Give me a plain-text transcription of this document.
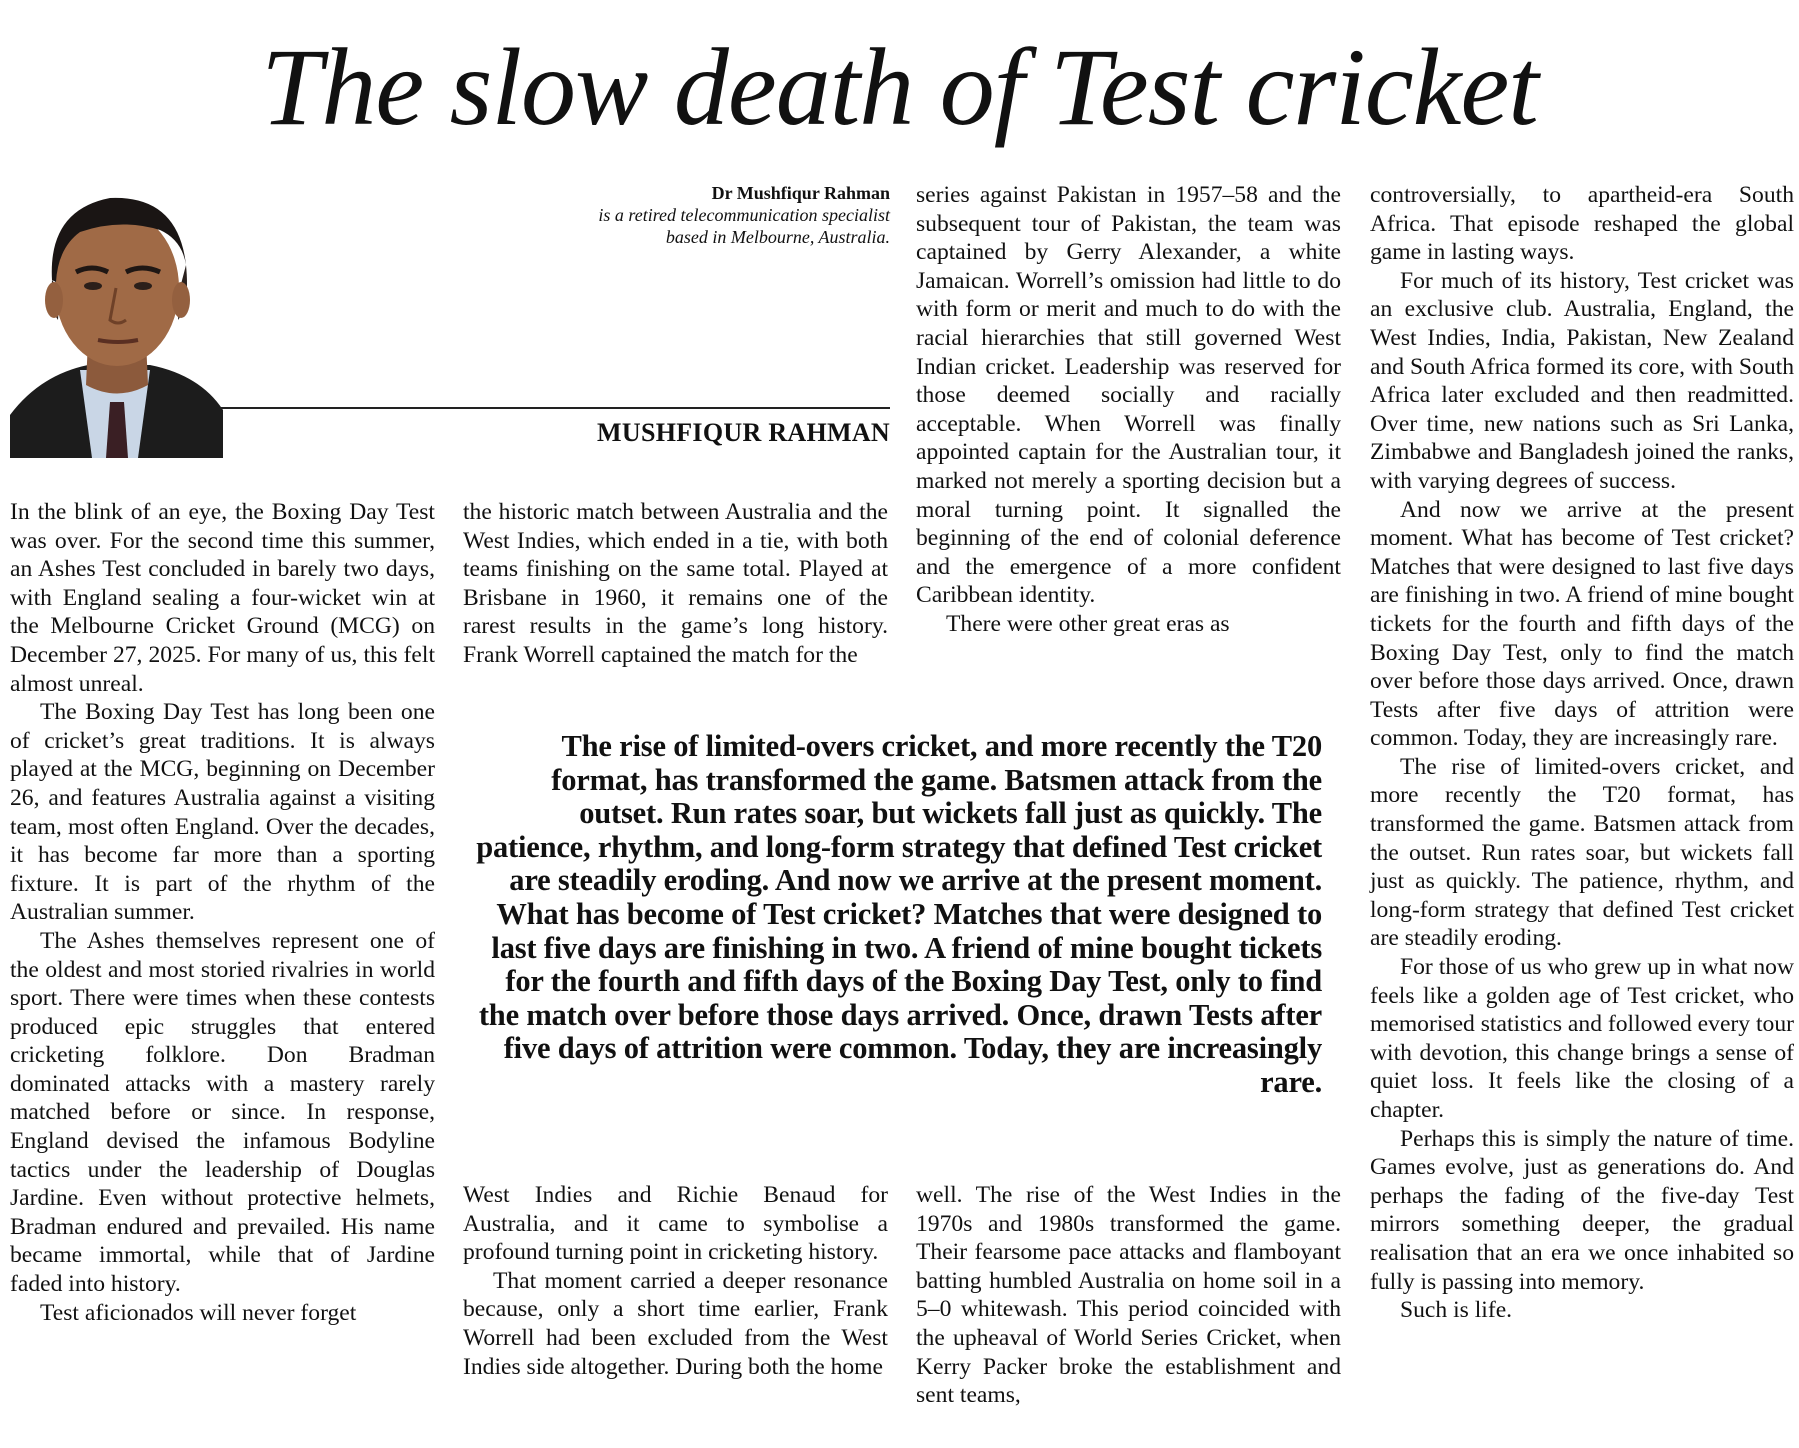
The slow death of Test cricket
Dr Mushfiqur Rahman
is a retired telecommunication specialist
based in Melbourne, Australia.
MUSHFIQUR RAHMAN

In the blink of an eye, the Boxing Day Test was over. For the second time this summer, an Ashes Test concluded in barely two days, with England sealing a four-wicket win at the Melbourne Cricket Ground (MCG) on December 27, 2025. For many of us, this felt almost unreal.

The Boxing Day Test has long been one of cricket’s great traditions. It is always played at the MCG, beginning on December 26, and features Australia against a visiting team, most often England. Over the decades, it has become far more than a sporting fixture. It is part of the rhythm of the Australian summer.

The Ashes themselves represent one of the oldest and most storied rivalries in world sport. There were times when these contests produced epic struggles that entered cricketing folklore. Don Bradman dominated attacks with a mastery rarely matched before or since. In response, England devised the infamous Bodyline tactics under the leadership of Douglas Jardine. Even without protective helmets, Bradman endured and prevailed. His name became immortal, while that of Jardine faded into history.

Test aficionados will never forget

the historic match between Australia and the West Indies, which ended in a tie, with both teams finishing on the same total. Played at Brisbane in 1960, it remains one of the rarest results in the game’s long history. Frank Worrell captained the match for the

West Indies and Richie Benaud for Australia, and it came to symbolise a profound turning point in cricketing history.

That moment carried a deeper resonance because, only a short time earlier, Frank Worrell had been excluded from the West Indies side altogether. During both the home

series against Pakistan in 1957–58 and the subsequent tour of Pakistan, the team was captained by Gerry Alexander, a white Jamaican. Worrell’s omission had little to do with form or merit and much to do with the racial hierarchies that still governed West Indian cricket. Leadership was reserved for those deemed socially and racially acceptable. When Worrell was finally appointed captain for the Australian tour, it marked not merely a sporting decision but a moral turning point. It signalled the beginning of the end of colonial deference and the emergence of a more confident Caribbean identity.

There were other great eras as

well. The rise of the West Indies in the 1970s and 1980s transformed the game. Their fearsome pace attacks and flamboyant batting humbled Australia on home soil in a 5–0 whitewash. This period coincided with the upheaval of World Series Cricket, when Kerry Packer broke the establishment and sent teams,

controversially, to apartheid-era South Africa. That episode reshaped the global game in lasting ways.

For much of its history, Test cricket was an exclusive club. Australia, England, the West Indies, India, Pakistan, New Zealand and South Africa formed its core, with South Africa later excluded and then readmitted. Over time, new nations such as Sri Lanka, Zimbabwe and Bangladesh joined the ranks, with varying degrees of success.

And now we arrive at the present moment. What has become of Test cricket? Matches that were designed to last five days are finishing in two. A friend of mine bought tickets for the fourth and fifth days of the Boxing Day Test, only to find the match over before those days arrived. Once, drawn Tests after five days of attrition were common. Today, they are increasingly rare.

The rise of limited-overs cricket, and more recently the T20 format, has transformed the game. Batsmen attack from the outset. Run rates soar, but wickets fall just as quickly. The patience, rhythm, and long-form strategy that defined Test cricket are steadily eroding.

For those of us who grew up in what now feels like a golden age of Test cricket, who memorised statistics and followed every tour with devotion, this change brings a sense of quiet loss. It feels like the closing of a chapter.

Perhaps this is simply the nature of time. Games evolve, just as generations do. And perhaps the fading of the five-day Test mirrors something deeper, the gradual realisation that an era we once inhabited so fully is passing into memory.

Such is life.

The rise of limited-overs cricket, and more recently the T20 format, has transformed the game. Batsmen attack from the outset. Run rates soar, but wickets fall just as quickly. The patience, rhythm, and long-form strategy that defined Test cricket are steadily eroding. And now we arrive at the present moment. What has become of Test cricket? Matches that were designed to last five days are finishing in two. A friend of mine bought tickets for the fourth and fifth days of the Boxing Day Test, only to find the match over before those days arrived. Once, drawn Tests after five days of attrition were common. Today, they are increasingly rare.
